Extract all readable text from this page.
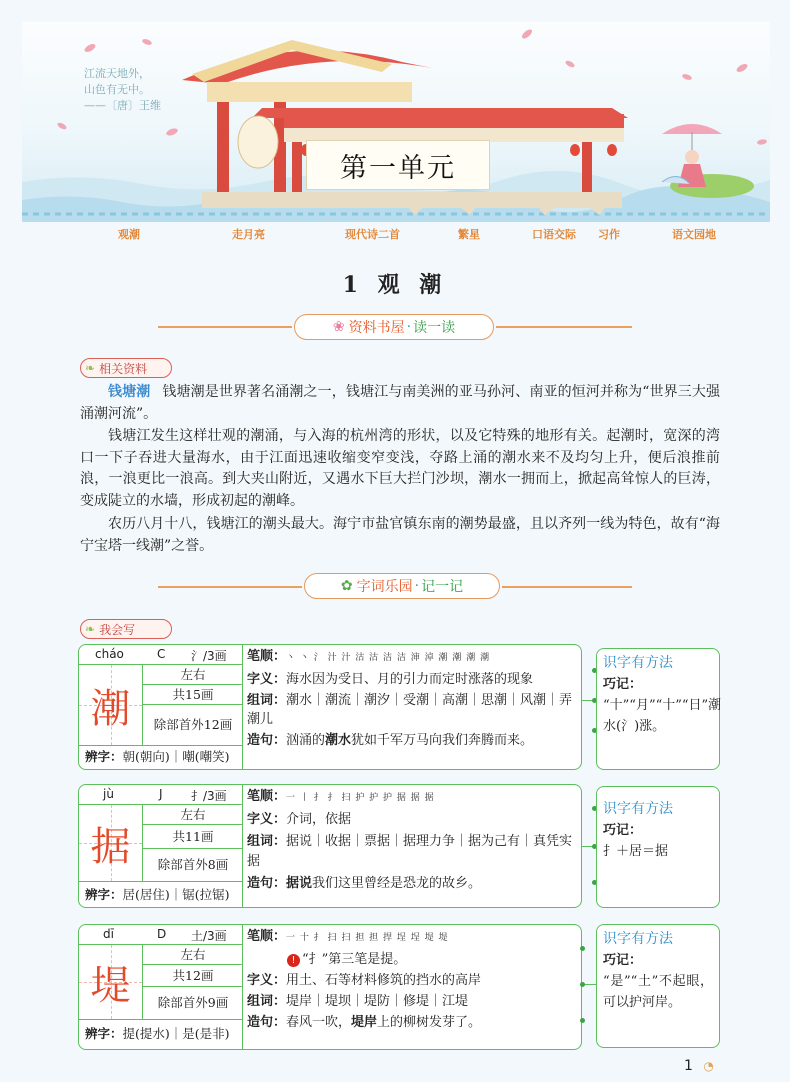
江流天地外，
山色有无中。
——〔唐〕王维
第一单元
观潮	走月亮	现代诗二首	繁星	口语交际 习作	语文园地
1 观 潮
❀ 资料书屋 · 读一读
❧ 相关资料
钱塘潮 钱塘潮是世界著名涌潮之一，钱塘江与南美洲的亚马孙河、南亚的恒河并称为“世界三大强涌潮河流”。
钱塘江发生这样壮观的潮涌，与入海的杭州湾的形状，以及它特殊的地形有关。起潮时，宽深的湾口一下子吞进大量海水，由于江面迅速收缩变窄变浅，夺路上涌的潮水来不及均匀上升，便后浪推前浪，一浪更比一浪高。到大夹山附近，又遇水下巨大拦门沙坝，潮水一拥而上，掀起高耸惊人的巨涛，变成陡立的水墙，形成初起的潮峰。
农历八月十八，钱塘江的潮头最大。海宁市盐官镇东南的潮势最盛，且以齐列一线为特色，故有“海宁宝塔一线潮”之誉。
✿ 字词乐园 · 记一记
❧ 我会写
cháo	C 氵/3画
潮
左右
共15画
除部首外12画
辨字：朝(朝向)｜嘲(嘲笑)
笔顺：丶 丶 氵 汁 汁 沽 沽 洁 洁 渖 淖 潮 潮 潮 潮
字义：海水因为受日、月的引力而定时涨落的现象
组词：潮水｜潮流｜潮汐｜受潮｜高潮｜思潮｜风潮｜弄潮儿
造句：汹涌的潮水犹如千军万马向我们奔腾而来。
识字有方法
巧记：
“十”“月”“十”“日”潮水(氵)涨。
jù	J 扌/3画
据
左右
共11画
除部首外8画
辨字：居(居住)｜锯(拉锯)
笔顺：一 丨 扌 扌 扫 护 护 护 据 据 据
字义：介词，依据
组词：据说｜收据｜票据｜据理力争｜据为己有｜真凭实据
造句：据说我们这里曾经是恐龙的故乡。
识字有方法
巧记：
扌＋居＝据
dī	D 土/3画
堤
左右
共12画
除部首外9画
辨字：提(提水)｜是(是非)
笔顺：一 十 扌 扫 扫 担 担 捍 埕 埕 堤 堤
! “扌”第三笔是提。
字义：用土、石等材料修筑的挡水的高岸
组词：堤岸｜堤坝｜堤防｜修堤｜江堤
造句：春风一吹，堤岸上的柳树发芽了。
识字有方法
巧记：
“是”“土”不起眼，可以护河岸。
1 ◔
